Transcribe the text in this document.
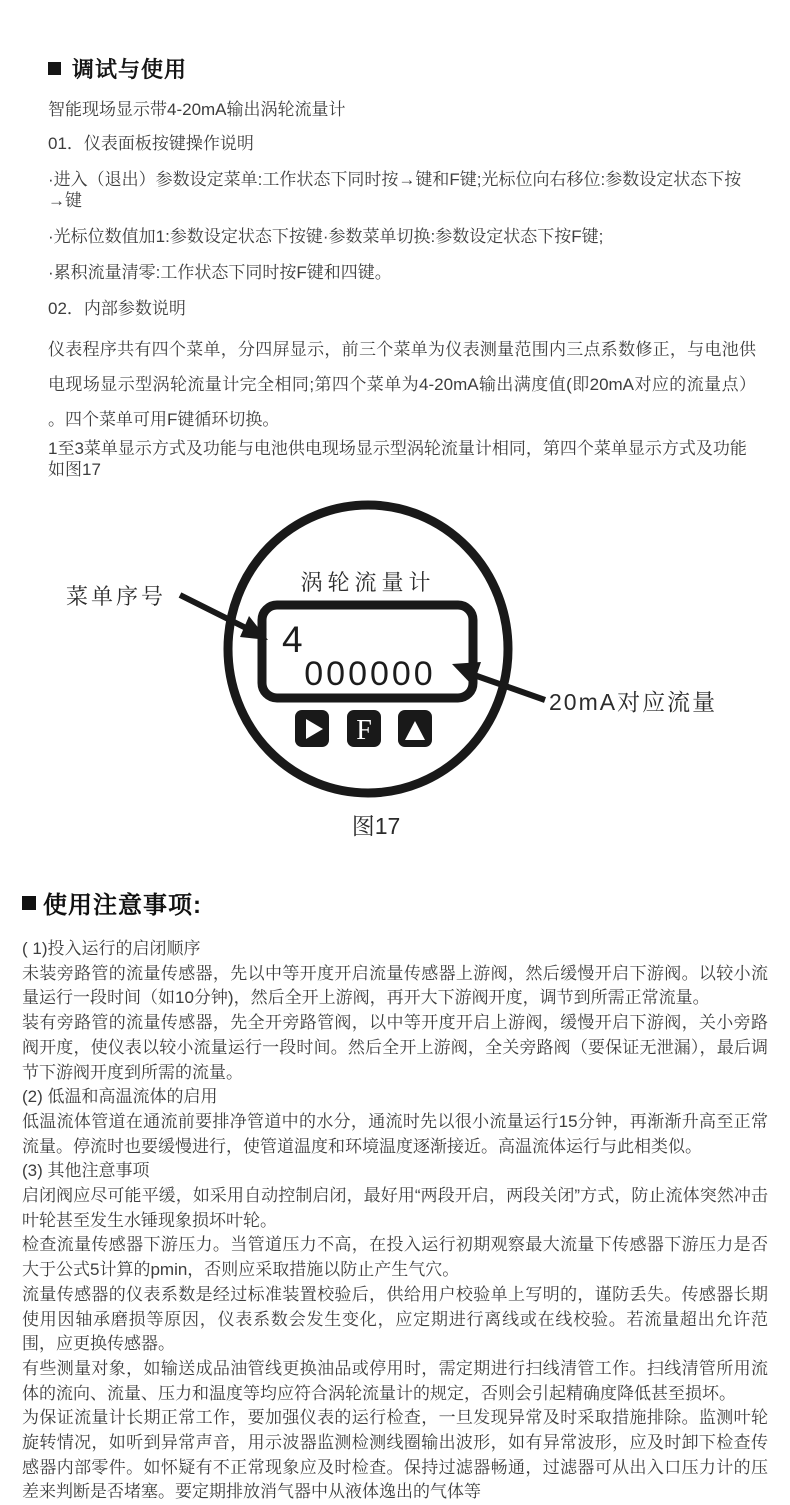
调试与使用

智能现场显示带4-20mA输出涡轮流量计

01．仪表面板按键操作说明

·进入（退出）参数设定菜单:工作状态下同时按→键和F键;光标位向右移位:参数设定状态下按→键

·光标位数值加1:参数设定状态下按键·参数菜单切换:参数设定状态下按F键;

·累积流量清零:工作状态下同时按F键和四键。

02．内部参数说明

仪表程序共有四个菜单，分四屏显示，前三个菜单为仪表测量范围内三点系数修正，与电池供电现场显示型涡轮流量计完全相同;第四个菜单为4-20mA输出满度值(即20mA对应的流量点） 。四个菜单可用F键循环切换。

1至3菜单显示方式及功能与电池供电现场显示型涡轮流量计相同，第四个菜单显示方式及功能如图17

涡轮流量计
4
000000
F
菜单序号
20mA对应流量
图17
使用注意事项:

( 1)投入运行的启闭顺序

未装旁路管的流量传感器，先以中等开度开启流量传感器上游阀，然后缓慢开启下游阀。以较小流量运行一段时间（如10分钟)，然后全开上游阀，再开大下游阀开度，调节到所需正常流量。

装有旁路管的流量传感器，先全开旁路管阀，以中等开度开启上游阀，缓慢开启下游阀，关小旁路阀开度，使仪表以较小流量运行一段时间。然后全开上游阀，全关旁路阀（要保证无泄漏），最后调节下游阀开度到所需的流量。

(2) 低温和高温流体的启用

低温流体管道在通流前要排净管道中的水分，通流时先以很小流量运行15分钟，再渐渐升高至正常流量。停流时也要缓慢进行，使管道温度和环境温度逐渐接近。高温流体运行与此相类似。

(3) 其他注意事项

启闭阀应尽可能平缓，如采用自动控制启闭，最好用“两段开启，两段关闭”方式，防止流体突然冲击叶轮甚至发生水锤现象损坏叶轮。

检查流量传感器下游压力。当管道压力不高，在投入运行初期观察最大流量下传感器下游压力是否大于公式5计算的pmin，否则应采取措施以防止产生气穴。

流量传感器的仪表系数是经过标准装置校验后，供给用户校验单上写明的，谨防丢失。传感器长期使用因轴承磨损等原因，仪表系数会发生变化，应定期进行离线或在线校验。若流量超出允许范围，应更换传感器。

有些测量对象，如输送成品油管线更换油品或停用时，需定期进行扫线清管工作。扫线清管所用流体的流向、流量、压力和温度等均应符合涡轮流量计的规定，否则会引起精确度降低甚至损坏。

为保证流量计长期正常工作，要加强仪表的运行检查，一旦发现异常及时采取措施排除。监测叶轮旋转情况，如听到异常声音，用示波器监测检测线圈输出波形，如有异常波形，应及时卸下检查传感器内部零件。如怀疑有不正常现象应及时检查。保持过滤器畅通，过滤器可从出入口压力计的压差来判断是否堵塞。要定期排放消气器中从液体逸出的气体等
